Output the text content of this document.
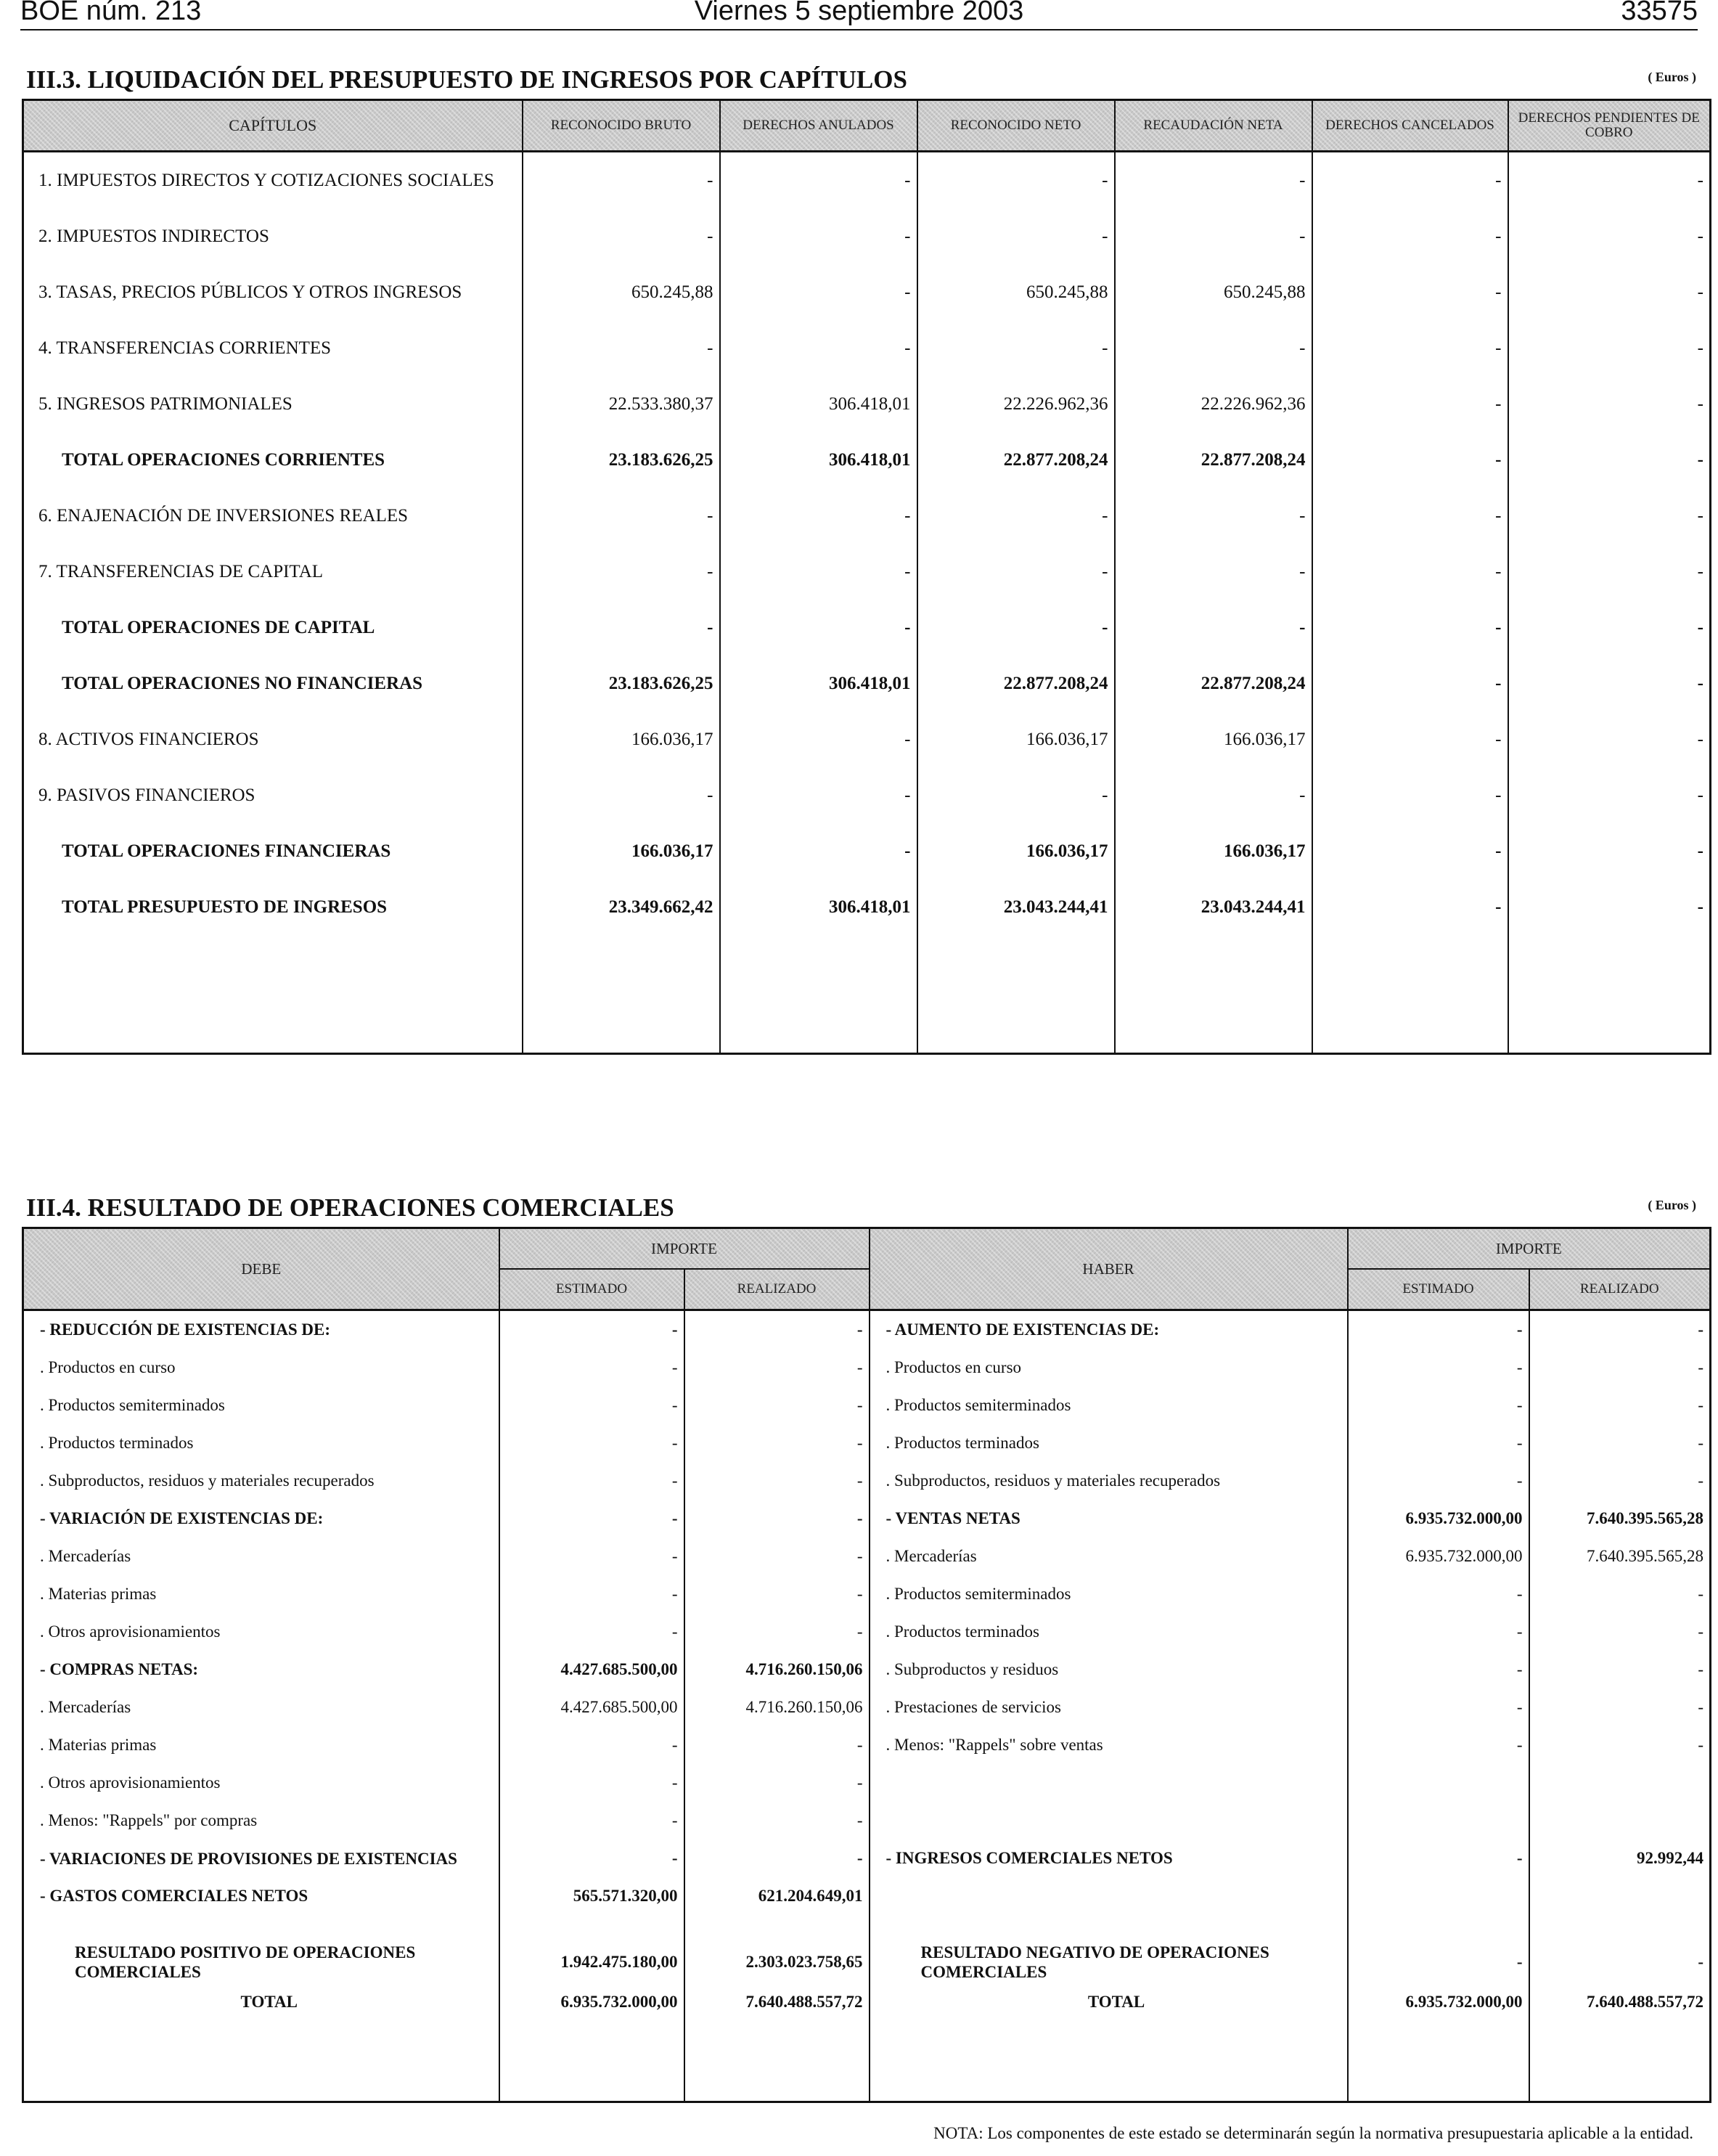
BOE núm. 213	Viernes 5 septiembre 2003	33575
III.3. LIQUIDACIÓN DEL PRESUPUESTO DE INGRESOS POR CAPÍTULOS	( Euros )
CAPÍTULOS	RECONOCIDO BRUTO	DERECHOS ANULADOS	RECONOCIDO NETO	RECAUDACIÓN NETA	DERECHOS CANCELADOS	DERECHOS PENDIENTES DE COBRO
1. IMPUESTOS DIRECTOS Y COTIZACIONES SOCIALES	-	-	-	-	-	-
2. IMPUESTOS INDIRECTOS	-	-	-	-	-	-
3. TASAS, PRECIOS PÚBLICOS Y OTROS INGRESOS	650.245,88	-	650.245,88	650.245,88	-	-
4. TRANSFERENCIAS CORRIENTES	-	-	-	-	-	-
5. INGRESOS PATRIMONIALES	22.533.380,37	306.418,01	22.226.962,36	22.226.962,36	-	-
TOTAL OPERACIONES CORRIENTES	23.183.626,25	306.418,01	22.877.208,24	22.877.208,24	-	-
6. ENAJENACIÓN DE INVERSIONES REALES	-	-	-	-	-	-
7. TRANSFERENCIAS DE CAPITAL	-	-	-	-	-	-
TOTAL OPERACIONES DE CAPITAL	-	-	-	-	-	-
TOTAL OPERACIONES NO FINANCIERAS	23.183.626,25	306.418,01	22.877.208,24	22.877.208,24	-	-
8. ACTIVOS FINANCIEROS	166.036,17	-	166.036,17	166.036,17	-	-
9. PASIVOS FINANCIEROS	-	-	-	-	-	-
TOTAL OPERACIONES FINANCIERAS	166.036,17	-	166.036,17	166.036,17	-	-
TOTAL PRESUPUESTO DE INGRESOS	23.349.662,42	306.418,01	23.043.244,41	23.043.244,41	-	-

III.4. RESULTADO DE OPERACIONES COMERCIALES	( Euros )
DEBE	IMPORTE		HABER	IMPORTE	
	ESTIMADO	REALIZADO		ESTIMADO	REALIZADO
- REDUCCIÓN DE EXISTENCIAS DE:	-	-	- AUMENTO DE EXISTENCIAS DE:	-	-
. Productos en curso	-	-	. Productos en curso	-	-
. Productos semiterminados	-	-	. Productos semiterminados	-	-
. Productos terminados	-	-	. Productos terminados	-	-
. Subproductos, residuos y materiales recuperados	-	-	. Subproductos, residuos y materiales recuperados	-	-
- VARIACIÓN DE EXISTENCIAS DE:	-	-	- VENTAS NETAS	6.935.732.000,00	7.640.395.565,28
. Mercaderías	-	-	. Mercaderías	6.935.732.000,00	7.640.395.565,28
. Materias primas	-	-	. Productos semiterminados	-	-
. Otros aprovisionamientos	-	-	. Productos terminados	-	-
- COMPRAS NETAS:	4.427.685.500,00	4.716.260.150,06	. Subproductos y residuos	-	-
. Mercaderías	4.427.685.500,00	4.716.260.150,06	. Prestaciones de servicios	-	-
. Materias primas	-	-	. Menos: "Rappels" sobre ventas	-	-
. Otros aprovisionamientos	-	-			
. Menos: "Rappels" por compras	-	-			
- VARIACIONES DE PROVISIONES DE EXISTENCIAS	-	-	- INGRESOS COMERCIALES NETOS	-	92.992,44
- GASTOS COMERCIALES NETOS	565.571.320,00	621.204.649,01			

RESULTADO POSITIVO DE OPERACIONES COMERCIALES	1.942.475.180,00	2.303.023.758,65	RESULTADO NEGATIVO DE OPERACIONES COMERCIALES	-	-
TOTAL	6.935.732.000,00	7.640.488.557,72	TOTAL	6.935.732.000,00	7.640.488.557,72

NOTA: Los componentes de este estado se determinarán según la normativa presupuestaria aplicable a la entidad.
